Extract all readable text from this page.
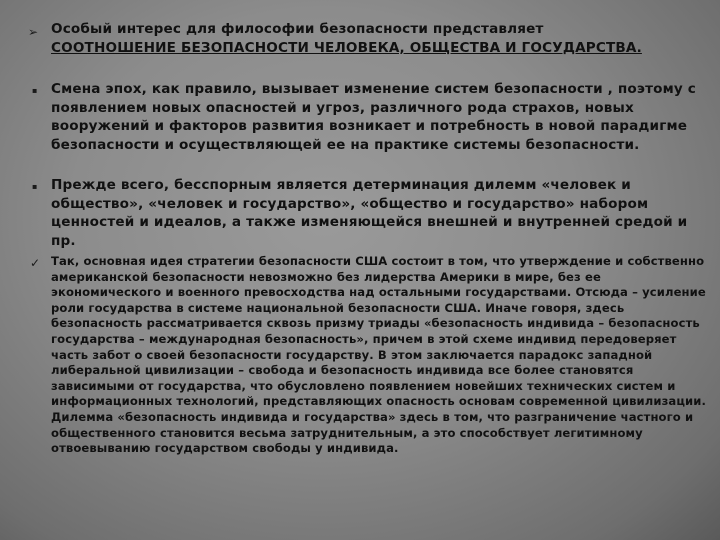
➢ Особый интерес для философии безопасности представляет
СООТНОШЕНИЕ БЕЗОПАСНОСТИ ЧЕЛОВЕКА, ОБЩЕСТВА И ГОСУДАРСТВА.
▪ Смена эпох, как правило, вызывает изменение систем безопасности , поэтому с появлением новых опасностей и угроз, различного рода страхов, новых вооружений и факторов развития возникает и потребность в новой парадигме безопасности и осуществляющей ее на практике системы безопасности.
▪ Прежде всего, бесспорным является детерминация дилемм «человек и общество», «человек и государство», «общество и государство» набором ценностей и идеалов, а также изменяющейся внешней и внутренней средой и пр.
✓ Так, основная идея стратегии безопасности США состоит в том, что утверждение и собственно американской безопасности невозможно без лидерства Америки в мире, без ее экономического и военного превосходства над остальными государствами. Отсюда – усиление роли государства в системе национальной безопасности США. Иначе говоря, здесь безопасность рассматривается сквозь призму триады «безопасность индивида – безопасность государства – международная безопасность», причем в этой схеме индивид передоверяет часть забот о своей безопасности государству. В этом заключается парадокс западной либеральной цивилизации – свобода и безопасность индивида все более становятся зависимыми от государства, что обусловлено появлением новейших технических систем и информационных технологий, представляющих опасность основам современной цивилизации. Дилемма «безопасность индивида и государства» здесь в том, что разграничение частного и общественного становится весьма затруднительным, а это способствует легитимному отвоевыванию государством свободы у индивида.
